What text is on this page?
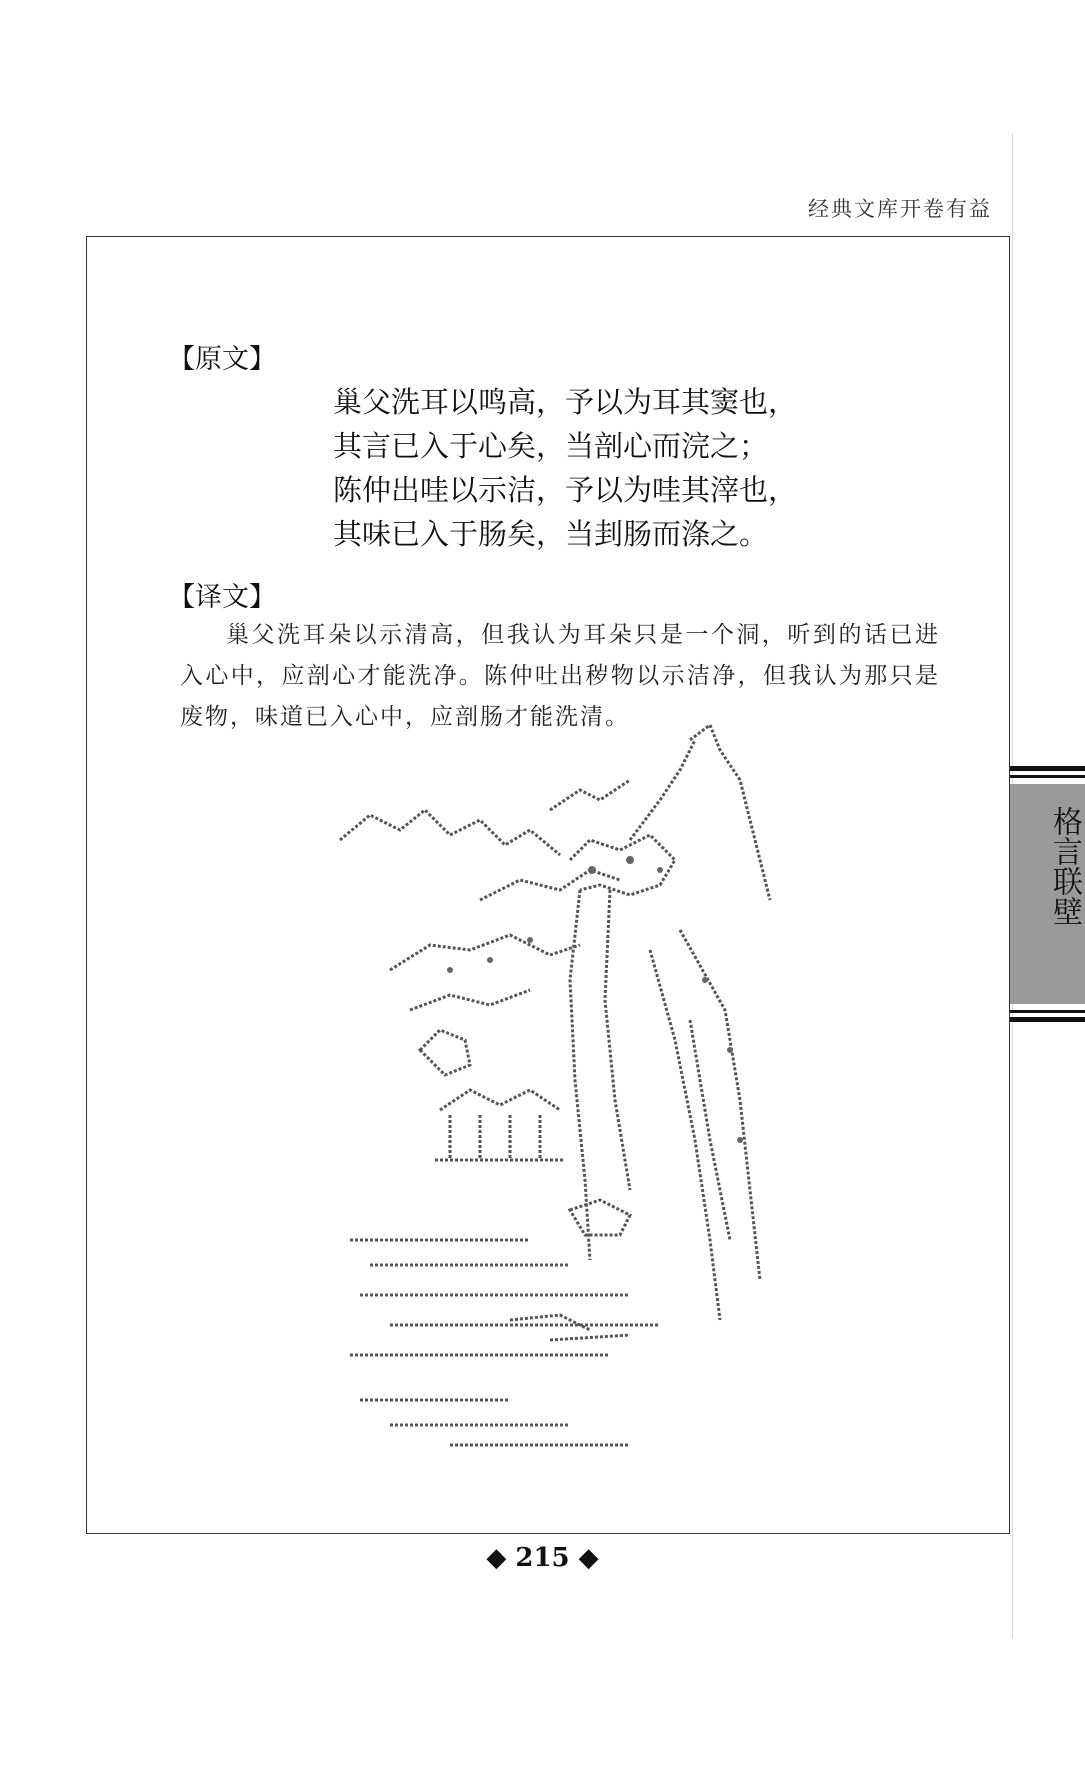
经典文库开卷有益
【原文】
巢父洗耳以鸣高，予以为耳其窦也，
其言已入于心矣，当剖心而浣之；
陈仲出哇以示洁，予以为哇其滓也，
其味已入于肠矣，当刲肠而涤之。
【译文】
巢父洗耳朵以示清高，但我认为耳朵只是一个洞，听到的话已进入心中，应剖心才能洗净。陈仲吐出秽物以示洁净，但我认为那只是废物，味道已入心中，应剖肠才能洗清。
格言联壁
◆ 215 ◆
